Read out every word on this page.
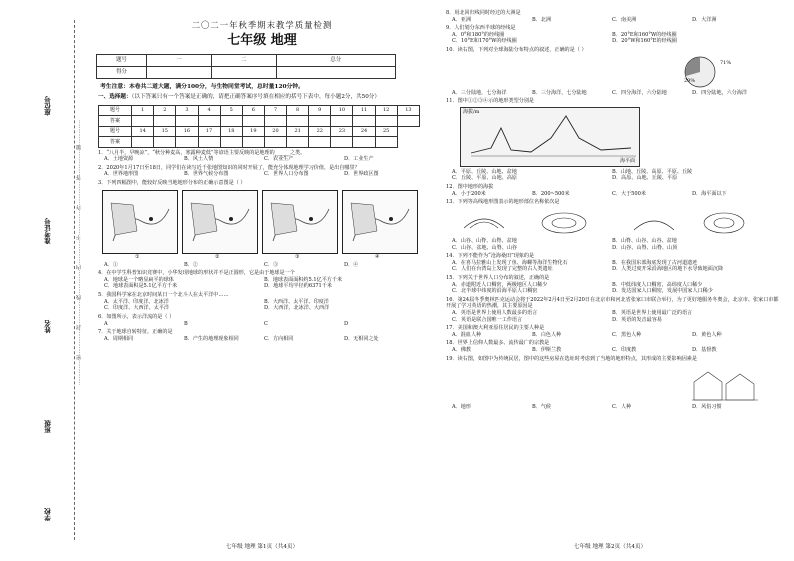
座位号
准考证号
姓名
班级
学校
……………密……………封……………线……………内……………不……………许……………答……………题……………
二〇二一年秋季期末教学质量检测
七年级 地理
题号	一	二	总分
得分			
考生注意：本卷共二道大题，满分100分，与生物同堂考试，总时量120分钟。
一、选择题：（以下答案只有一个答案是正确的，请把正确答案序号填在相应的括号下表中，每小题2分，共50分）
题号	1	2	3	4	5	6	7	8	9	10	11	12	13
答案													
题号	14	15	16	17	18	19	20	21	22	23	24	25	
答案													
1．“八月半，早晚凉”，“秋分种麦高，寒露种麦低”等谚语主要反映的是地理的______之类。
A．土地资源	B．风土人情	C．农业生产	D．工业生产
2．2020年1月17日至18日，同学们在读写近千张地图知识的同时开展了，能充分体现地理学习价值，是出自哪里？
A．世界地形图	B．世界气候分布图	C．世界人口分布图	D．世界政区图
3．下列四幅图中，能较好反映当地地形分布的正确示意图是（ ）
①	②	③	④
A．①	B．②	C．③	D．④
4．在中学生科普知识竞赛中，小华发现地球的形状并不是正圆形，它是由于地球是一个
A．地球是一个略显扁平的球体	B．地球表面面积约5.1亿平方千米
C．地球表面积是5.1亿平方千米	D．地球平均半径约6371千米
5．我国科学家在北京时间某日一个北斗人在太平洋中……
A．太平洋、印度洋、北冰洋	B．大西洋、太平洋、印度洋
C．印度洋、大西洋、太平洋	D．大西洋、北冰洋、大西洋
6．如图所示，表示洋流的是（ ）
A	B	C	D
7．关于地球自转特征，正确的是
A．周期相同	B．产生的地理现象相同	C．方向相同	D．无相同之处
七年级 地理 第1页（共4页）
8．用北回归线同时经过的大洲是
A．亚洲	B．北洲	C．南美洲	D．大洋洲
9．人们划分东西半球的经线是
A．0°和180°的经线圈	B．20°E和160°W的经线圈
C．10°E和170°W的经线圈	D．20°W和160°E的经线圈
10．读右图，下列对全球海陆分布特点的叙述，正确的是（ ）
29%
71%
A．三分陆地，七分海洋	B．三分海洋，七分陆地	C．四分海洋，六分陆地	D．四分陆地，六分海洋
11．图中①②③④示的地形类型分别是
海拔/m
海平面
A．平原、丘陵、山地、盆地	B．山地、丘陵、高原、平原、丘陵
C．丘陵、平原、山地、高原	D．高原、山地、丘陵、平原
12．图中地形的海拔
A．小于200米	B．200~500米	C．大于500米	D．海平面以下
13．下列等高线地形图表示的地形部位名称依次是
A．山谷、山脊、山脊、盆地	B．山脊、山谷、山谷、盆地
C．山谷、盆地、山脊、山谷	D．山谷、山脊、山脊、山顶
14．下列不能作为“沧海桑田”现象的是
A．在喜马拉雅山上发现了鱼、海螺等海洋生物化石	B．在我国东部海底发现了古河道遗迹
C．人们在台湾岛上发现了完整的古人类遗址	D．人类过度开采沿海地区的地下水导致地面沉降
15．下列关于世界人口分布的叙述，正确的是
A．赤道附近人口稠密，两极地区人口稀少	B．中低纬度人口稠密，高纬度人口稀少
C．北半球中纬度的沿海平原人口稠密	D．发达国家人口稠密，发展中国家人口稀少
16．第24届冬季奥林匹克运动会将于2022年2月4日至2月20日在北京市和河北省张家口市联合举行，为了更好地服务冬奥会，北京市、张家口市都开展了学习英语的热潮，其主要原因是
A．英语是世界上使用人数最多的语言	B．英语是世界上使用最广泛的语言
C．英语是联合国唯一工作语言	D．英语的发音最容易
17．美国和澳大利亚原住居民的主要人种是
A．混血人种	B．白色人种	C．黑色人种	D．黄色人种
18．世界上信仰人数最多、流传最广的宗教是
A．佛教	B．伊斯兰教	C．印度教	D．基督教
19．读右图，如图中为传统民居，图中的这些房屋在选址时考虑到了当地的地形特点，其形成的主要影响因素是
A．地形	B．气候	C．人种	D．风俗习惯
七年级 地理 第2页（共4页）
